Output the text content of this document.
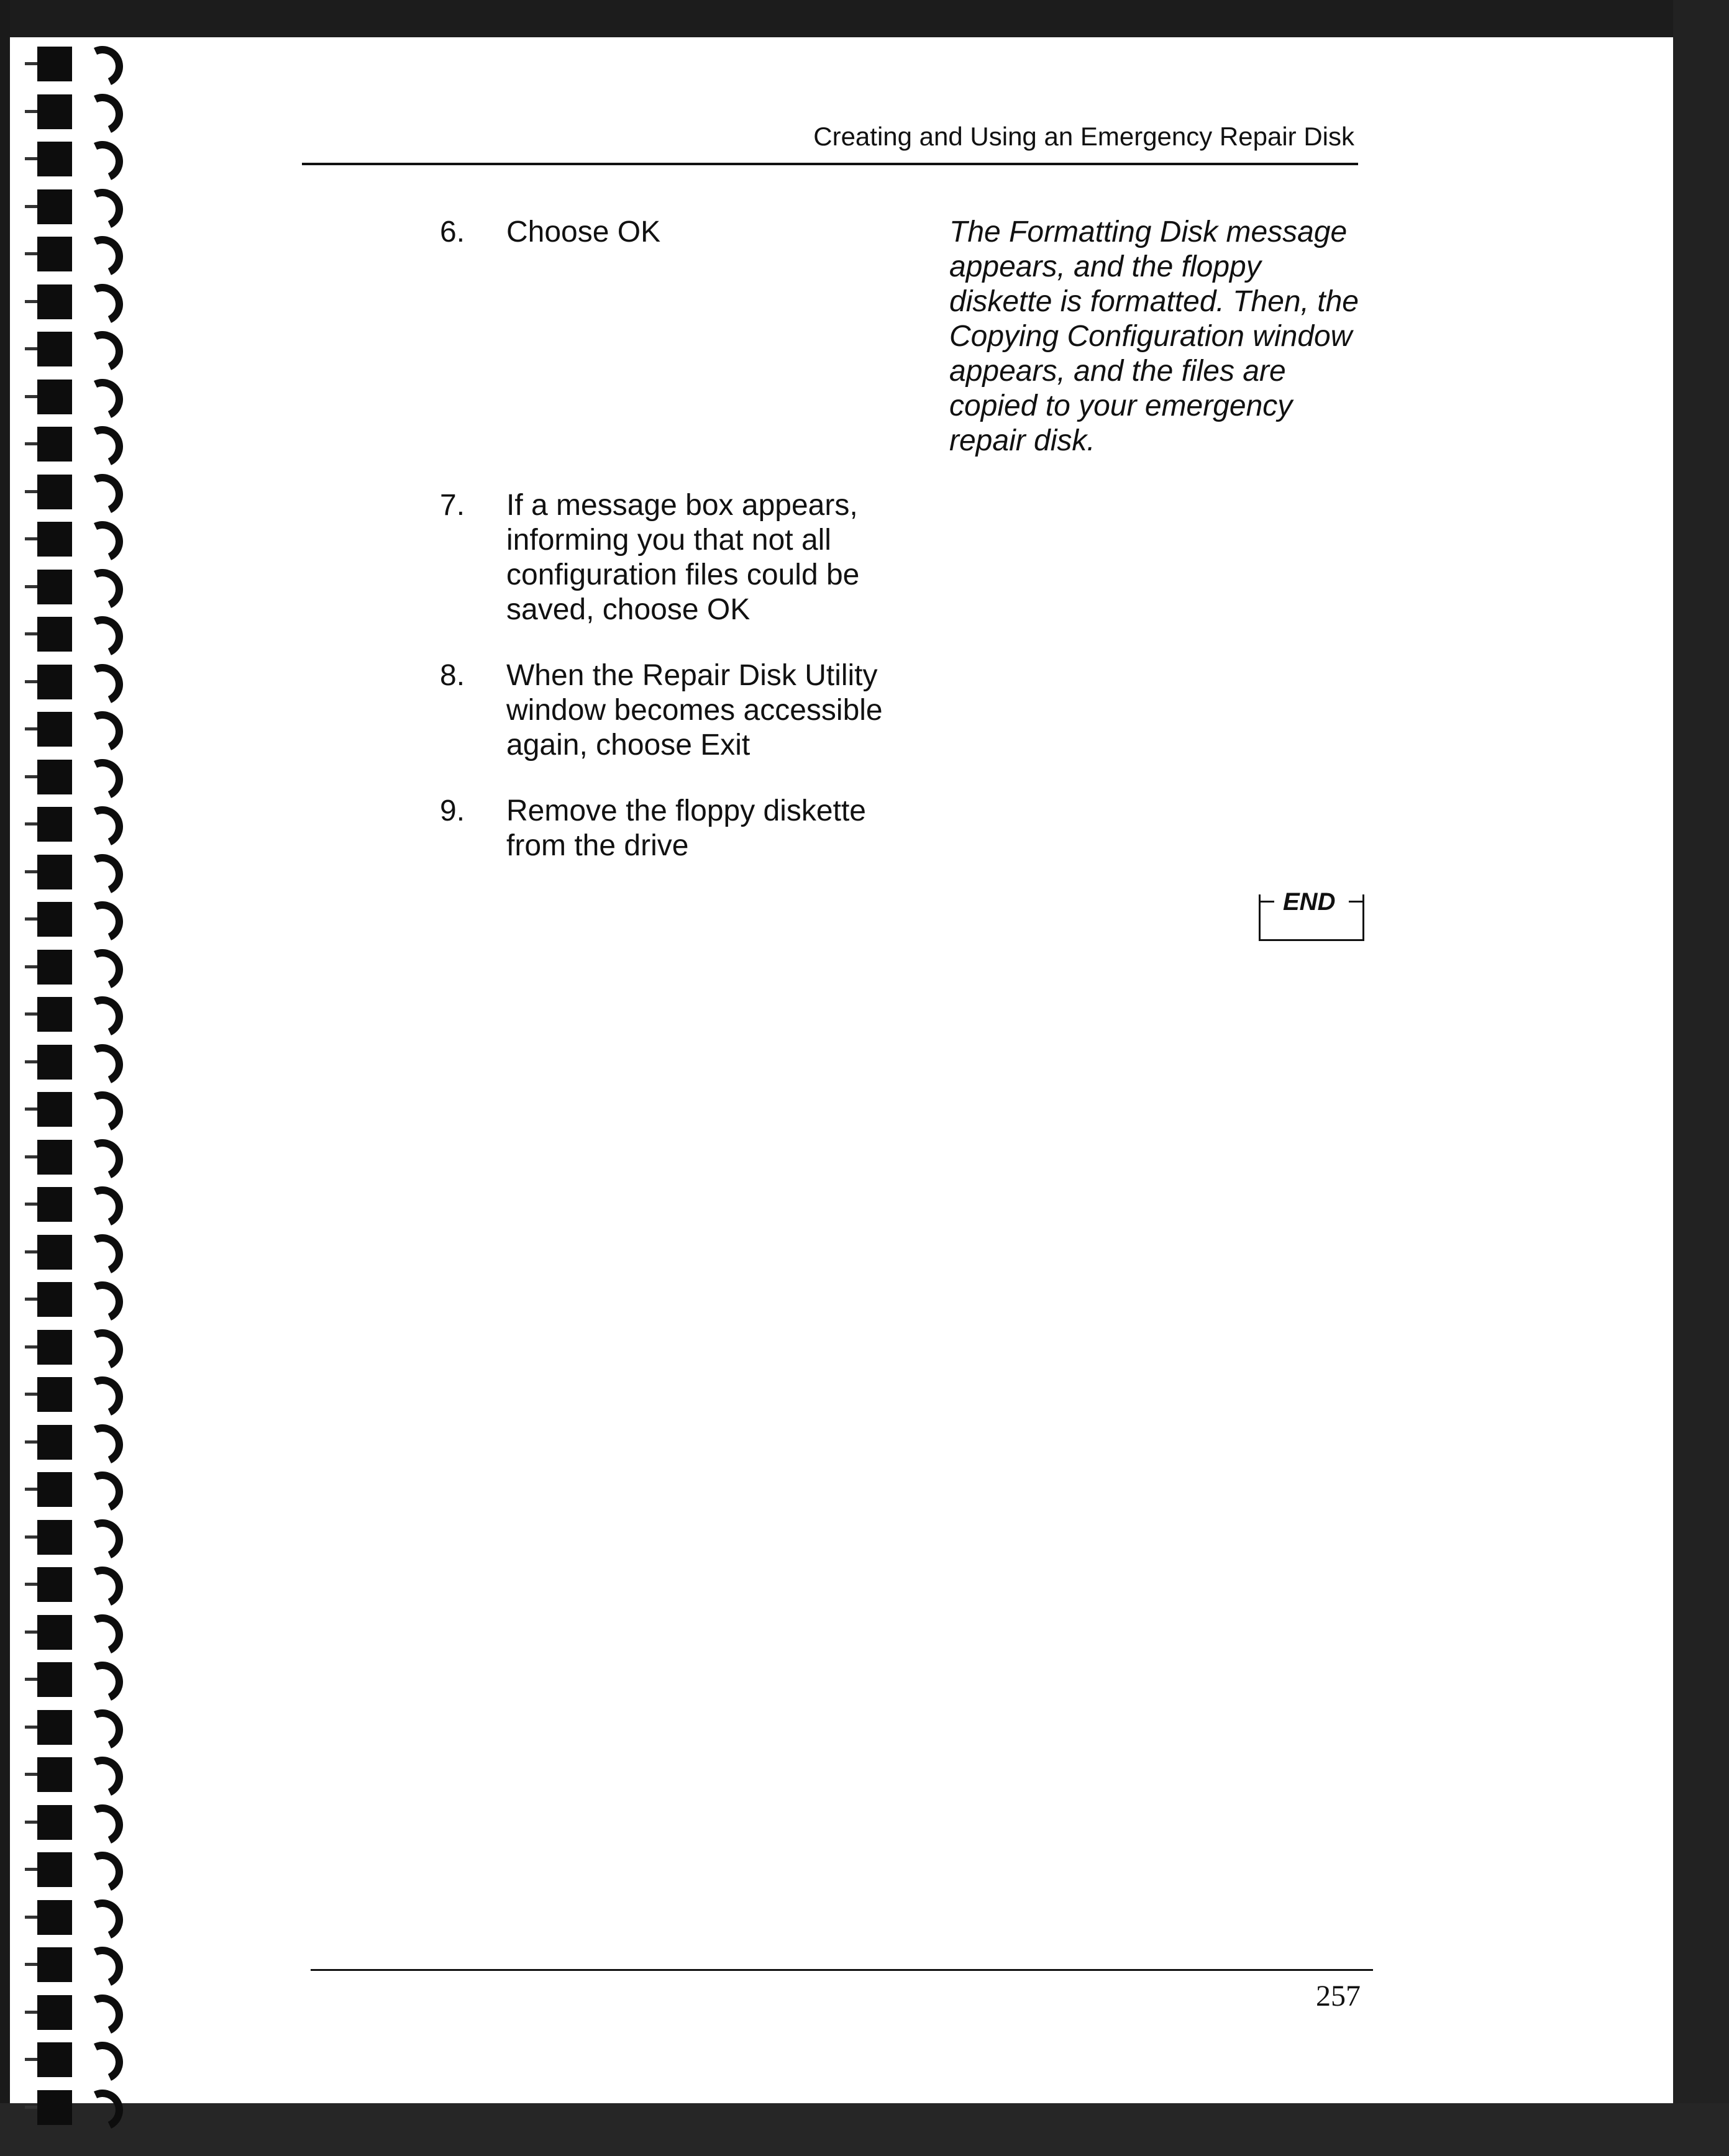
Creating and Using an Emergency Repair Disk
6. Choose OK	The Formatting Disk message appears, and the floppy diskette is formatted. Then, the Copying Configuration window appears, and the files are copied to your emergency repair disk.
7. If a message box appears, informing you that not all configuration files could be saved, choose OK
8. When the Repair Disk Utility window becomes accessible again, choose Exit
9. Remove the floppy diskette from the drive
END
257
